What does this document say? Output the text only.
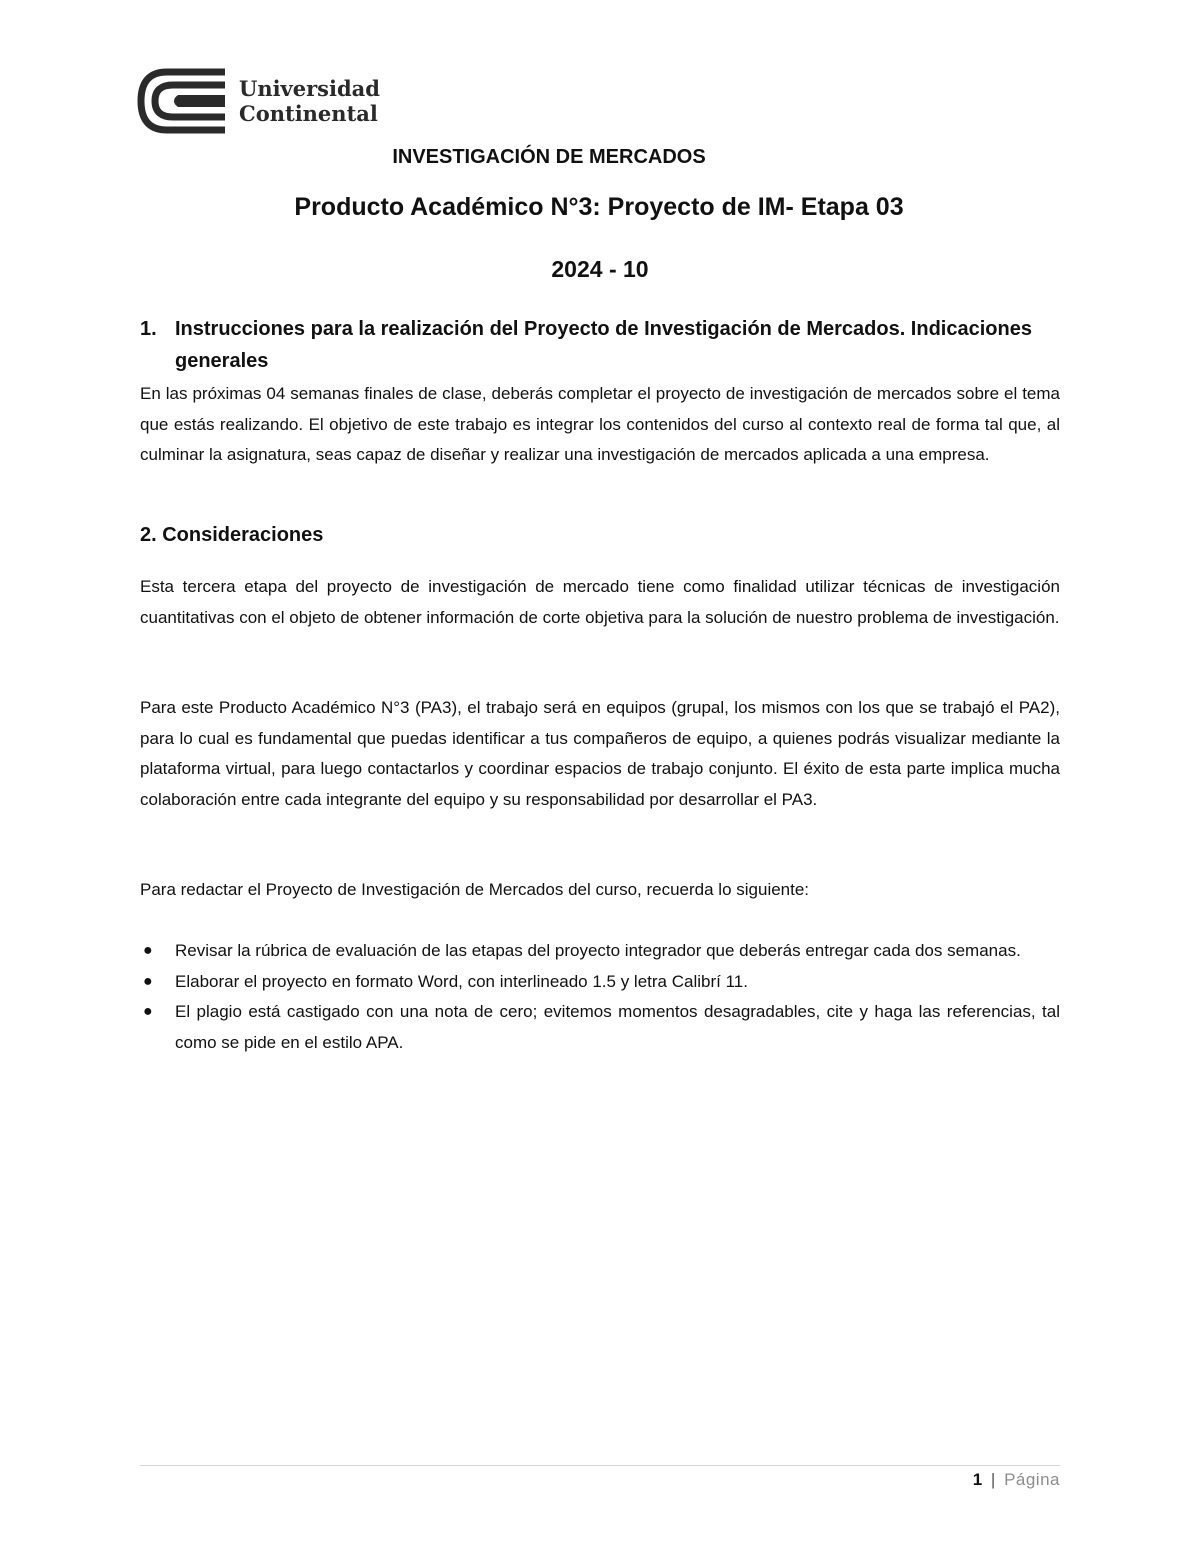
Universidad
Continental
INVESTIGACIÓN DE MERCADOS
Producto Académico N°3: Proyecto de IM- Etapa 03
2024 - 10
1. Instrucciones para la realización del Proyecto de Investigación de Mercados. Indicaciones generales

En las próximas 04 semanas finales de clase, deberás completar el proyecto de investigación de mercados sobre el tema que estás realizando. El objetivo de este trabajo es integrar los contenidos del curso al contexto real de forma tal que, al culminar la asignatura, seas capaz de diseñar y realizar una investigación de mercados aplicada a una empresa.

2. Consideraciones

Esta tercera etapa del proyecto de investigación de mercado tiene como finalidad utilizar técnicas de investigación cuantitativas con el objeto de obtener información de corte objetiva para la solución de nuestro problema de investigación.

Para este Producto Académico N°3 (PA3), el trabajo será en equipos (grupal, los mismos con los que se trabajó el PA2), para lo cual es fundamental que puedas identificar a tus compañeros de equipo, a quienes podrás visualizar mediante la plataforma virtual, para luego contactarlos y coordinar espacios de trabajo conjunto. El éxito de esta parte implica mucha colaboración entre cada integrante del equipo y su responsabilidad por desarrollar el PA3.

Para redactar el Proyecto de Investigación de Mercados del curso, recuerda lo siguiente:

● Revisar la rúbrica de evaluación de las etapas del proyecto integrador que deberás entregar cada dos semanas.
● Elaborar el proyecto en formato Word, con interlineado 1.5 y letra Calibrí 11.
● El plagio está castigado con una nota de cero; evitemos momentos desagradables, cite y haga las referencias, tal como se pide en el estilo APA.
1 | Página
